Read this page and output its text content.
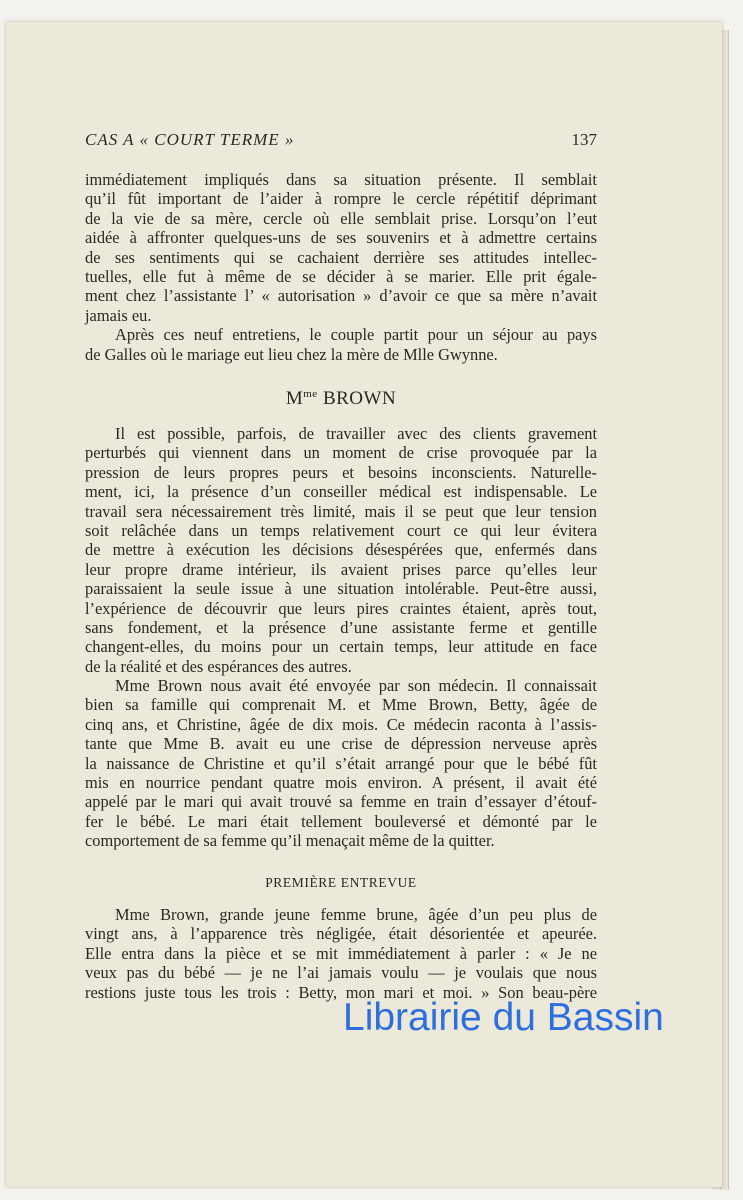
CAS A « COURT TERME »	137
immédiatement impliqués dans sa situation présente. Il semblait
qu’il fût important de l’aider à rompre le cercle répétitif déprimant
de la vie de sa mère, cercle où elle semblait prise. Lorsqu’on l’eut
aidée à affronter quelques-uns de ses souvenirs et à admettre certains
de ses sentiments qui se cachaient derrière ses attitudes intellec-
tuelles, elle fut à même de se décider à se marier. Elle prit égale-
ment chez l’assistante l’ « autorisation » d’avoir ce que sa mère n’avait
jamais eu.
Après ces neuf entretiens, le couple partit pour un séjour au pays
de Galles où le mariage eut lieu chez la mère de Mlle Gwynne.
$M^{me}$ BROWN
Il est possible, parfois, de travailler avec des clients gravement
perturbés qui viennent dans un moment de crise provoquée par la
pression de leurs propres peurs et besoins inconscients. Naturelle-
ment, ici, la présence d’un conseiller médical est indispensable. Le
travail sera nécessairement très limité, mais il se peut que leur tension
soit relâchée dans un temps relativement court ce qui leur évitera
de mettre à exécution les décisions désespérées que, enfermés dans
leur propre drame intérieur, ils avaient prises parce qu’elles leur
paraissaient la seule issue à une situation intolérable. Peut-être aussi,
l’expérience de découvrir que leurs pires craintes étaient, après tout,
sans fondement, et la présence d’une assistante ferme et gentille
changent-elles, du moins pour un certain temps, leur attitude en face
de la réalité et des espérances des autres.
Mme Brown nous avait été envoyée par son médecin. Il connaissait
bien sa famille qui comprenait M. et Mme Brown, Betty, âgée de
cinq ans, et Christine, âgée de dix mois. Ce médecin raconta à l’assis-
tante que Mme B. avait eu une crise de dépression nerveuse après
la naissance de Christine et qu’il s’était arrangé pour que le bébé fût
mis en nourrice pendant quatre mois environ. A présent, il avait été
appelé par le mari qui avait trouvé sa femme en train d’essayer d’étouf-
fer le bébé. Le mari était tellement bouleversé et démonté par le
comportement de sa femme qu’il menaçait même de la quitter.
PREMIÈRE ENTREVUE
Mme Brown, grande jeune femme brune, âgée d’un peu plus de
vingt ans, à l’apparence très négligée, était désorientée et apeurée.
Elle entra dans la pièce et se mit immédiatement à parler : « Je ne
veux pas du bébé — je ne l’ai jamais voulu — je voulais que nous
restions juste tous les trois : Betty, mon mari et moi. » Son beau-père
Librairie du Bassin
